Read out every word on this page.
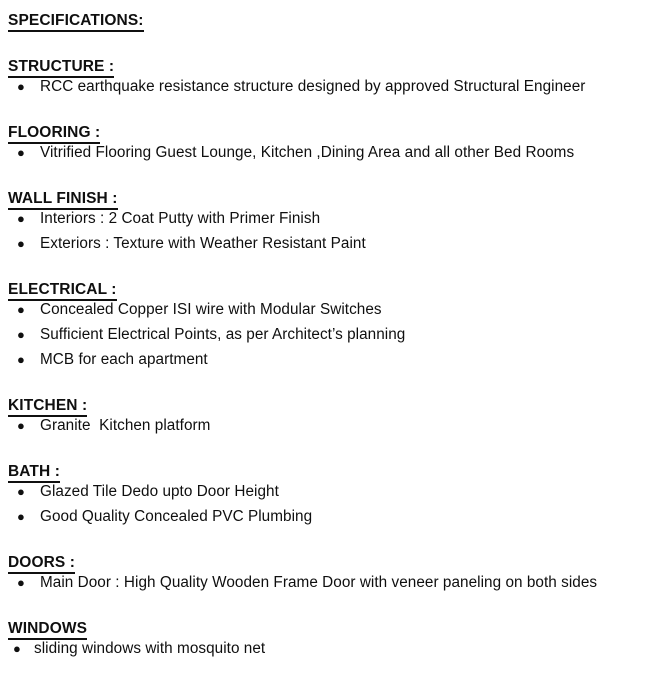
SPECIFICATIONS:
STRUCTURE :
● RCC earthquake resistance structure designed by approved Structural Engineer
FLOORING :
● Vitrified Flooring Guest Lounge, Kitchen ,Dining Area and all other Bed Rooms
WALL FINISH :
● Interiors : 2 Coat Putty with Primer Finish
● Exteriors : Texture with Weather Resistant Paint
ELECTRICAL :
● Concealed Copper ISI wire with Modular Switches
● Sufficient Electrical Points, as per Architect’s planning
● MCB for each apartment
KITCHEN :
● Granite  Kitchen platform
BATH :
● Glazed Tile Dedo upto Door Height
● Good Quality Concealed PVC Plumbing
DOORS :
● Main Door : High Quality Wooden Frame Door with veneer paneling on both sides
WINDOWS
● sliding windows with mosquito net
